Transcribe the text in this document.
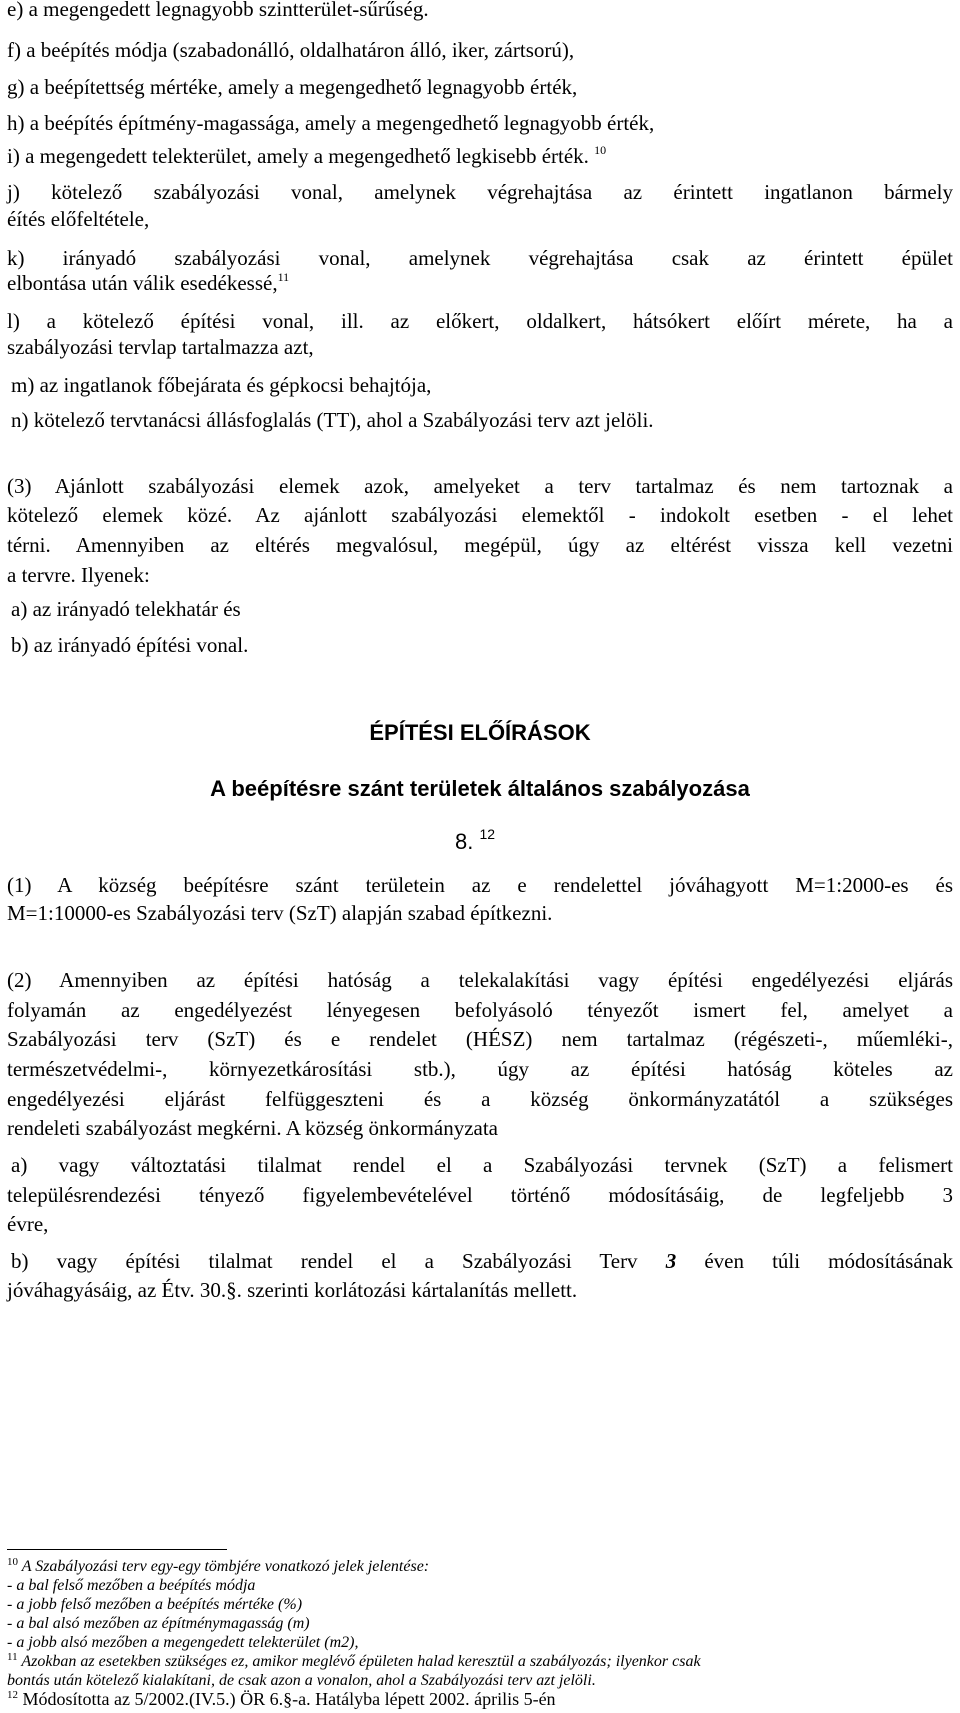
e) a megengedett legnagyobb szintterület-sűrűség.
f) a beépítés módja (szabadonálló, oldalhatáron álló, iker, zártsorú),
g) a beépítettség mértéke, amely a megengedhető legnagyobb érték,
h) a beépítés építmény-magassága, amely a megengedhető legnagyobb érték,
i) a megengedett telekterület, amely a megengedhető legkisebb érték. $^{10}$
j) kötelező szabályozási vonal, amelynek végrehajtása az érintett ingatlanon bármely
éítés előfeltétele,
k) irányadó szabályozási vonal, amelynek végrehajtása csak az érintett épület
elbontása után válik esedékessé,$^{11}$
l) a kötelező építési vonal, ill. az előkert, oldalkert, hátsókert előírt mérete, ha a
szabályozási tervlap tartalmazza azt,
m) az ingatlanok főbejárata és gépkocsi behajtója,
n) kötelező tervtanácsi állásfoglalás (TT), ahol a Szabályozási terv azt jelöli.
(3) Ajánlott szabályozási elemek azok, amelyeket a terv tartalmaz és nem tartoznak a
kötelező elemek közé. Az ajánlott szabályozási elemektől - indokolt esetben - el lehet
térni. Amennyiben az eltérés megvalósul, megépül, úgy az eltérést vissza kell vezetni
a tervre. Ilyenek:
a) az irányadó telekhatár és
b) az irányadó építési vonal.
ÉPÍTÉSI ELŐÍRÁSOK
A beépítésre szánt területek általános szabályozása
8. $^{12}$
(1) A község beépítésre szánt területein az e rendelettel jóváhagyott M=1:2000-es és
M=1:10000-es Szabályozási terv (SzT) alapján szabad építkezni.
(2) Amennyiben az építési hatóság a telekalakítási vagy építési engedélyezési eljárás
folyamán az engedélyezést lényegesen befolyásoló tényezőt ismert fel, amelyet a
Szabályozási terv (SzT) és e rendelet (HÉSZ) nem tartalmaz (régészeti-, műemléki-,
természetvédelmi-, környezetkárosítási stb.), úgy az építési hatóság köteles az
engedélyezési eljárást felfüggeszteni és a község önkormányzatától a szükséges
rendeleti szabályozást megkérni. A község önkormányzata
a) vagy változtatási tilalmat rendel el a Szabályozási tervnek (SzT) a felismert
településrendezési tényező figyelembevételével történő módosításáig, de legfeljebb 3
évre,
b) vagy építési tilalmat rendel el a Szabályozási Terv 3 éven túli módosításának
jóváhagyásáig, az Étv. 30.§. szerinti korlátozási kártalanítás mellett.
$^{10}$ A Szabályozási terv egy-egy tömbjére vonatkozó jelek jelentése:
- a bal felső mezőben a beépítés módja
- a jobb felső mezőben a beépítés mértéke (%)
- a bal alsó mezőben az építménymagasság (m)
- a jobb alsó mezőben a megengedett telekterület (m2),
$^{11}$ Azokban az esetekben szükséges ez, amikor meglévő épületen halad keresztül a szabályozás; ilyenkor csak
bontás után kötelező kialakítani, de csak azon a vonalon, ahol a Szabályozási terv azt jelöli.
$^{12}$ Módosította az 5/2002.(IV.5.) ÖR 6.§-a. Hatályba lépett 2002. április 5-én
